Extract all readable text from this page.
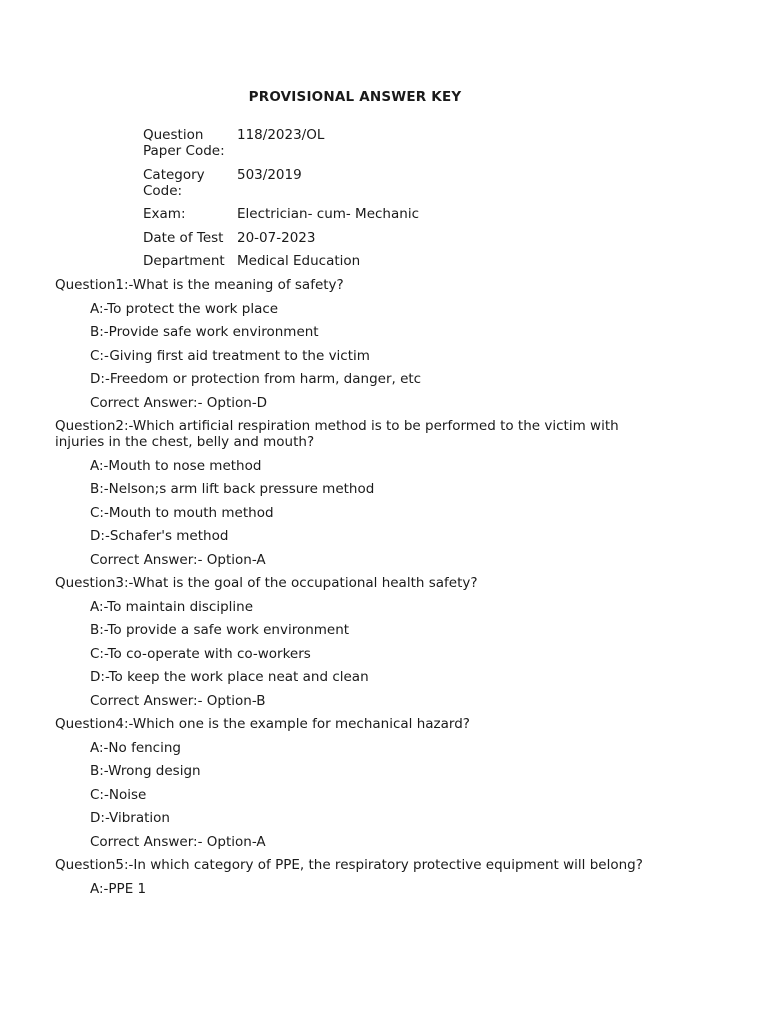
PROVISIONAL ANSWER KEY
Question Paper Code:
118/2023/OL
Category Code:
503/2019
Exam:	Electrician- cum- Mechanic
Date of Test	20-07-2023
Department Medical Education
Question1:-What is the meaning of safety?
A:-To protect the work place
B:-Provide safe work environment
C:-Giving first aid treatment to the victim
D:-Freedom or protection from harm, danger, etc
Correct Answer:- Option-D
Question2:-Which artificial respiration method is to be performed to the victim with injuries in the chest, belly and mouth?
A:-Mouth to nose method
B:-Nelson;s arm lift back pressure method
C:-Mouth to mouth method
D:-Schafer's method
Correct Answer:- Option-A
Question3:-What is the goal of the occupational health safety?
A:-To maintain discipline
B:-To provide a safe work environment
C:-To co-operate with co-workers
D:-To keep the work place neat and clean
Correct Answer:- Option-B
Question4:-Which one is the example for mechanical hazard?
A:-No fencing
B:-Wrong design
C:-Noise
D:-Vibration
Correct Answer:- Option-A
Question5:-In which category of PPE, the respiratory protective equipment will belong?
A:-PPE 1
